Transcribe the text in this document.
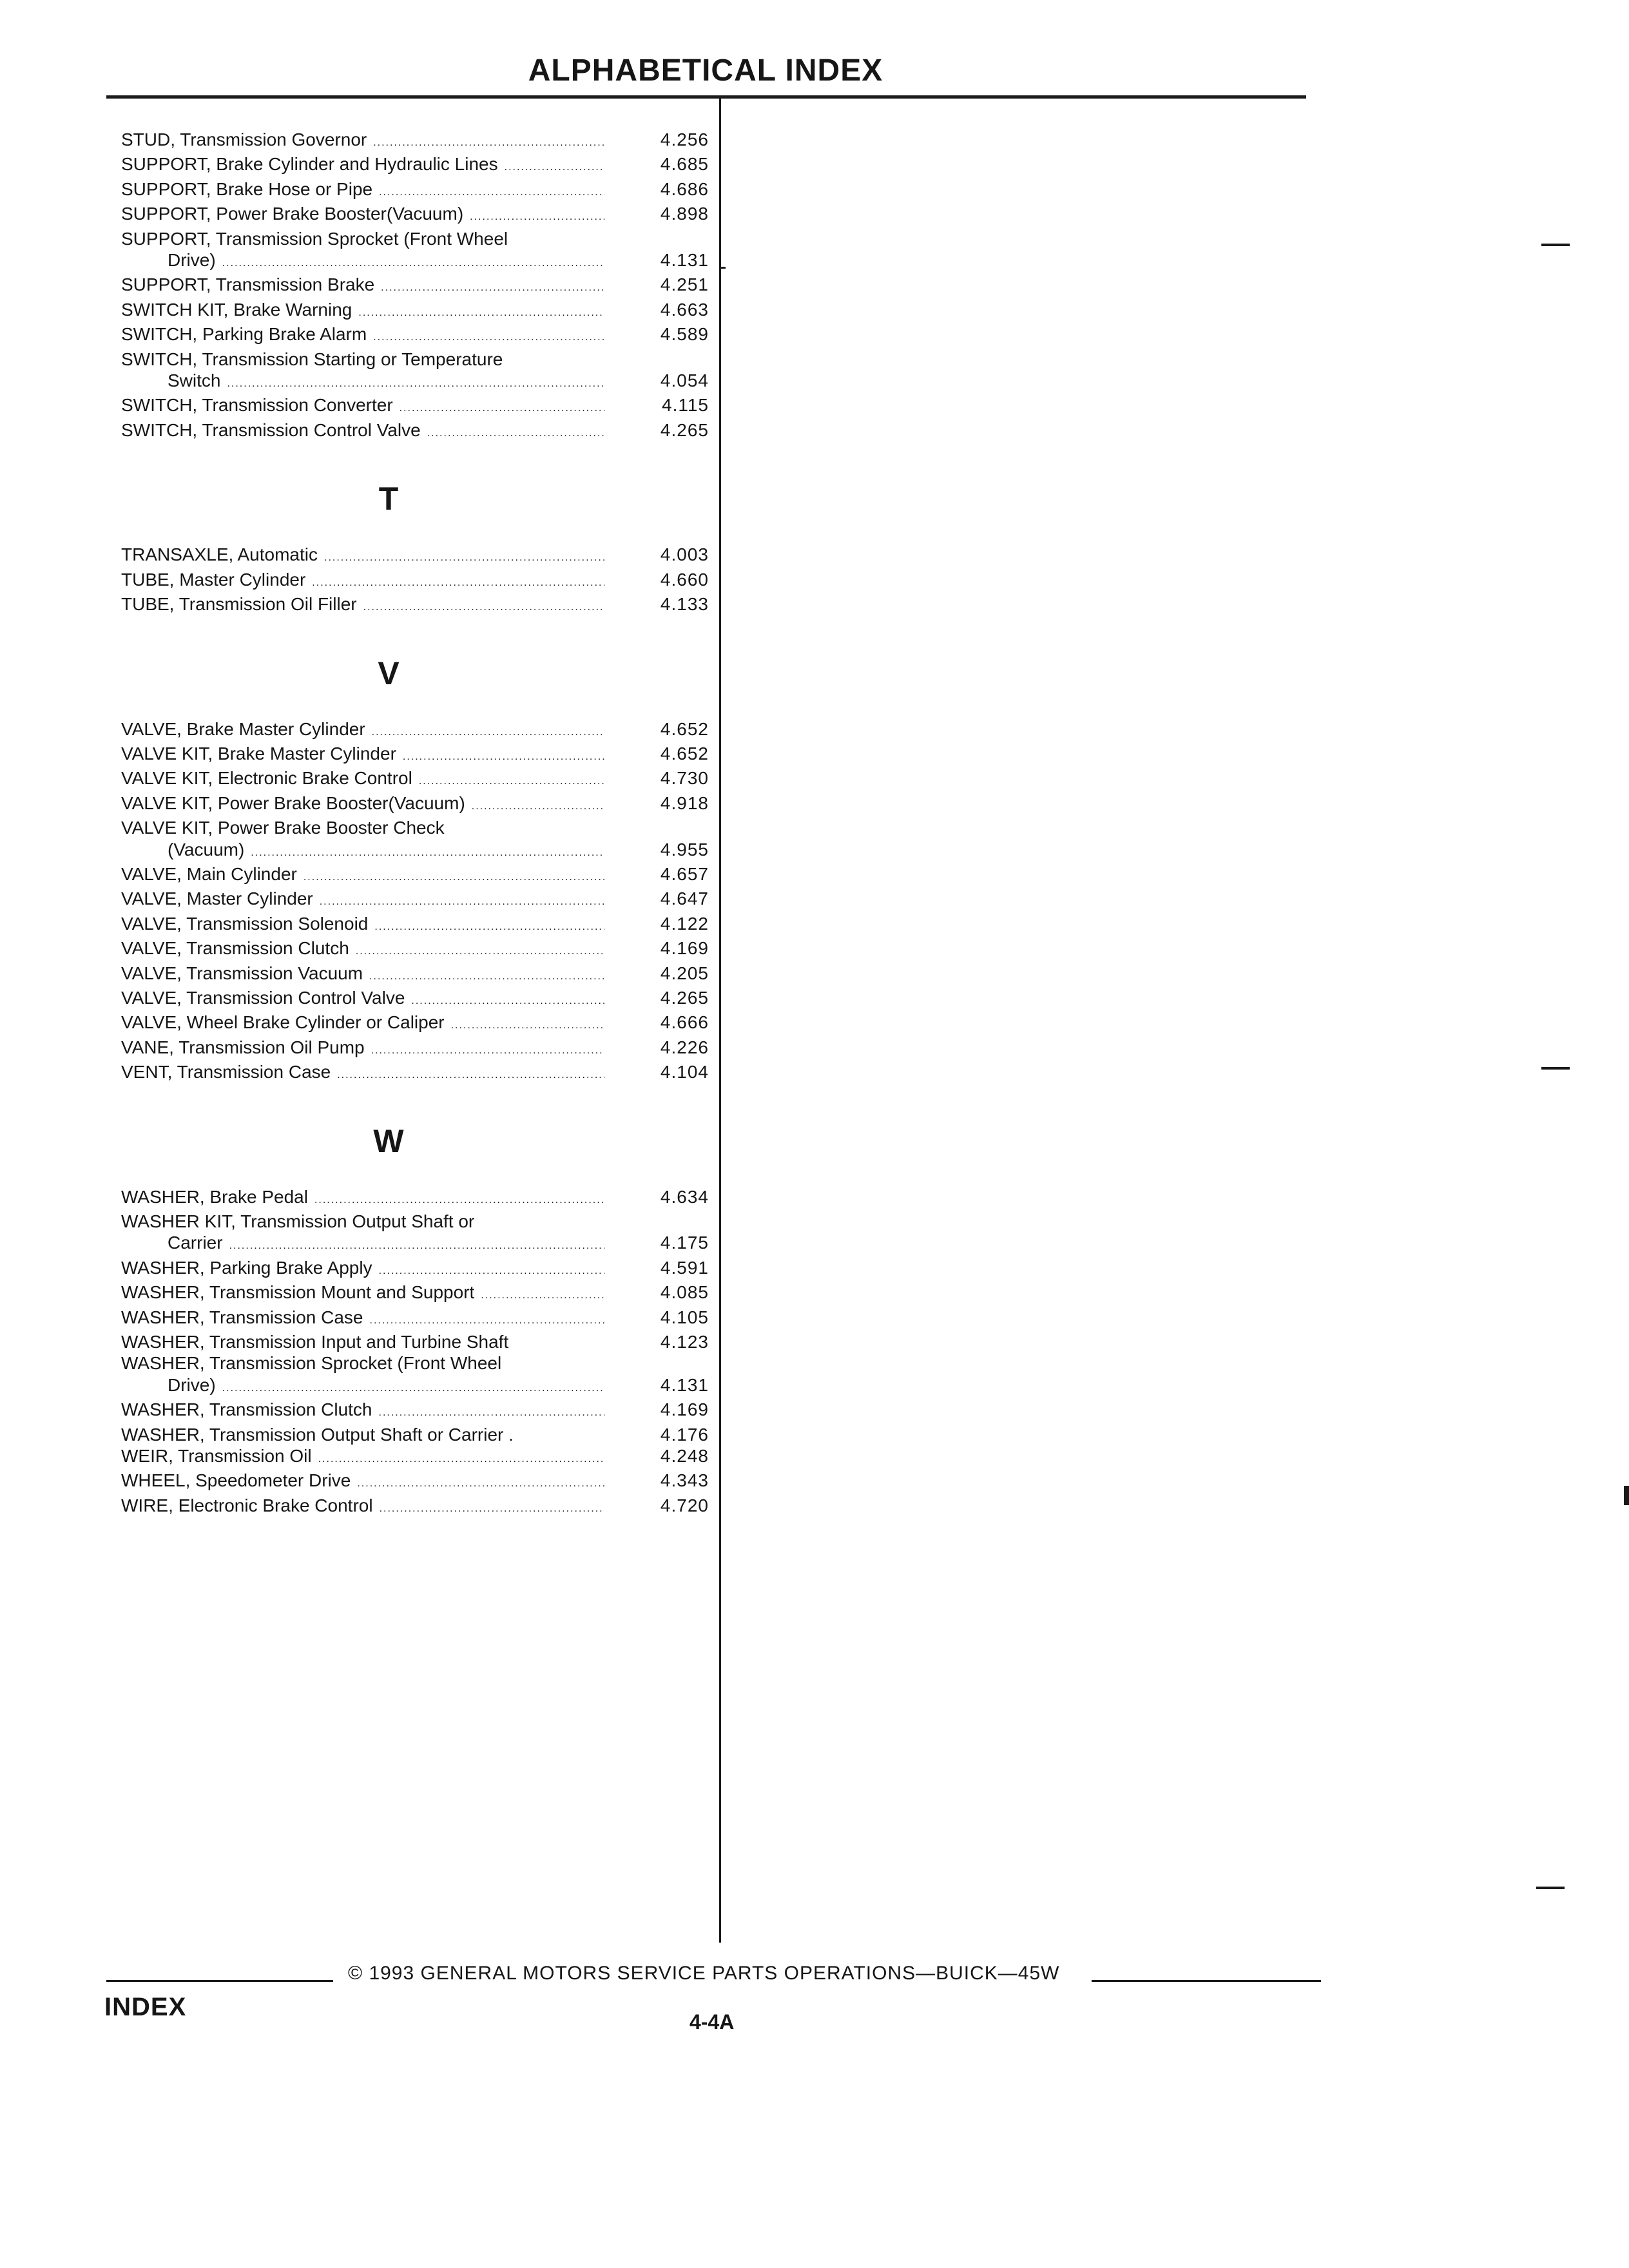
ALPHABETICAL INDEX
STUD, Transmission Governor .....	4.256
SUPPORT, Brake Cylinder and Hydraulic Lines .....	4.685
SUPPORT, Brake Hose or Pipe .....	4.686
SUPPORT, Power Brake Booster(Vacuum) .....	4.898
SUPPORT, Transmission Sprocket (Front Wheel
Drive) .....	4.131
SUPPORT, Transmission Brake .....	4.251
SWITCH KIT, Brake Warning .....	4.663
SWITCH, Parking Brake Alarm .....	4.589
SWITCH, Transmission Starting or Temperature
Switch .....	4.054
SWITCH, Transmission Converter .....	4.115
SWITCH, Transmission Control Valve .....	4.265
T
TRANSAXLE, Automatic .....	4.003
TUBE, Master Cylinder .....	4.660
TUBE, Transmission Oil Filler .....	4.133
V
VALVE, Brake Master Cylinder .....	4.652
VALVE KIT, Brake Master Cylinder .....	4.652
VALVE KIT, Electronic Brake Control .....	4.730
VALVE KIT, Power Brake Booster(Vacuum) .....	4.918
VALVE KIT, Power Brake Booster Check
(Vacuum) .....	4.955
VALVE, Main Cylinder .....	4.657
VALVE, Master Cylinder .....	4.647
VALVE, Transmission Solenoid .....	4.122
VALVE, Transmission Clutch .....	4.169
VALVE, Transmission Vacuum .....	4.205
VALVE, Transmission Control Valve .....	4.265
VALVE, Wheel Brake Cylinder or Caliper .....	4.666
VANE, Transmission Oil Pump .....	4.226
VENT, Transmission Case .....	4.104
W
WASHER, Brake Pedal .....	4.634
WASHER KIT, Transmission Output Shaft or
Carrier .....	4.175
WASHER, Parking Brake Apply .....	4.591
WASHER, Transmission Mount and Support .....	4.085
WASHER, Transmission Case .....	4.105
WASHER, Transmission Input and Turbine Shaft	4.123
WASHER, Transmission Sprocket (Front Wheel
Drive) .....	4.131
WASHER, Transmission Clutch .....	4.169
WASHER, Transmission Output Shaft or Carrier .	4.176
WEIR, Transmission Oil .....	4.248
WHEEL, Speedometer Drive .....	4.343
WIRE, Electronic Brake Control .....	4.720
© 1993 GENERAL MOTORS SERVICE PARTS OPERATIONS—BUICK—45W
INDEX
4-4A
